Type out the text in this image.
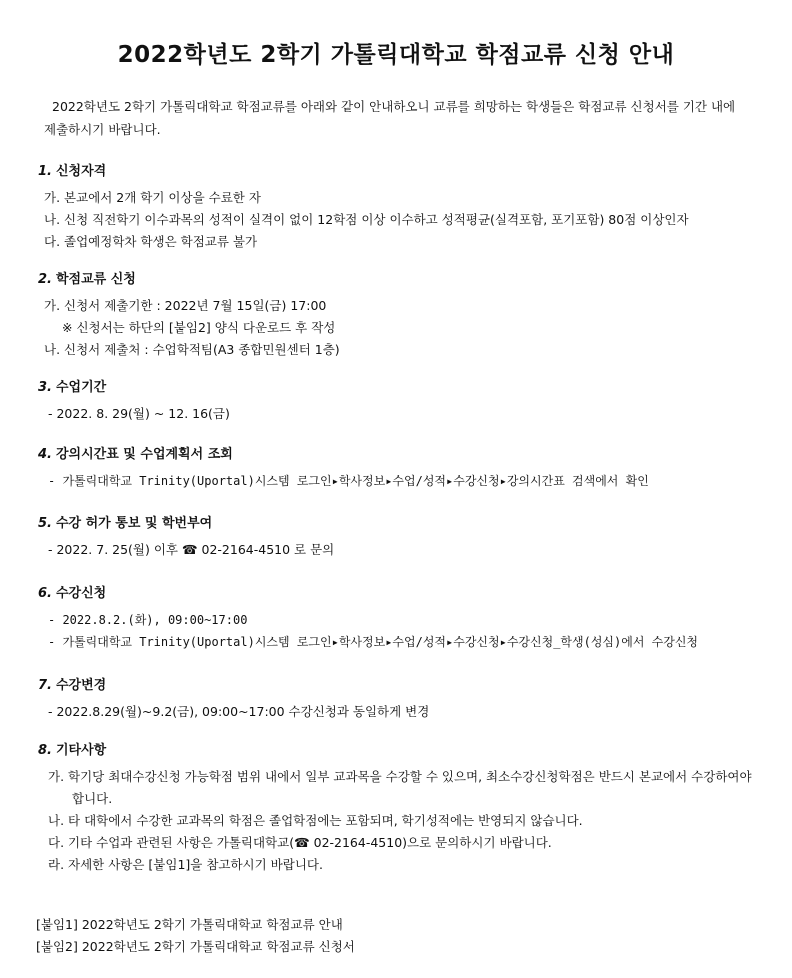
2022학년도 2학기 가톨릭대학교 학점교류 신청 안내
2022학년도 2학기 가톨릭대학교 학점교류를 아래와 같이 안내하오니 교류를 희망하는 학생들은 학점교류 신청서를 기간 내에 제출하시기 바랍니다.
1. 신청자격
가. 본교에서 2개 학기 이상을 수료한 자
나. 신청 직전학기 이수과목의 성적이 실격이 없이 12학점 이상 이수하고 성적평균(실격포함, 포기포함) 80점 이상인자
다. 졸업예정학차 학생은 학점교류 불가
2. 학점교류 신청
가. 신청서 제출기한 : 2022년 7월 15일(금) 17:00
※ 신청서는 하단의 [붙임2] 양식 다운로드 후 작성
나. 신청서 제출처 : 수업학적팀(A3 종합민원센터 1층)
3. 수업기간
- 2022. 8. 29(월) ~ 12. 16(금)
4. 강의시간표 및 수업계획서 조회
- 가톨릭대학교 Trinity(Uportal)시스템 로그인▸학사정보▸수업/성적▸수강신청▸강의시간표 검색에서 확인
5. 수강 허가 통보 및 학번부여
- 2022. 7. 25(월) 이후 ☎ 02-2164-4510 로 문의
6. 수강신청
- 2022.8.2.(화), 09:00~17:00
- 가톨릭대학교 Trinity(Uportal)시스템 로그인▸학사정보▸수업/성적▸수강신청▸수강신청_학생(성심)에서 수강신청
7. 수강변경
- 2022.8.29(월)~9.2(금), 09:00~17:00 수강신청과 동일하게 변경
8. 기타사항
가. 학기당 최대수강신청 가능학점 범위 내에서 일부 교과목을 수강할 수 있으며, 최소수강신청학점은 반드시 본교에서 수강하여야 합니다.
나. 타 대학에서 수강한 교과목의 학점은 졸업학점에는 포함되며, 학기성적에는 반영되지 않습니다.
다. 기타 수업과 관련된 사항은 가톨릭대학교(☎ 02-2164-4510)으로 문의하시기 바랍니다.
라. 자세한 사항은 [붙임1]을 참고하시기 바랍니다.
[붙임1] 2022학년도 2학기 가톨릭대학교 학점교류 안내
[붙임2] 2022학년도 2학기 가톨릭대학교 학점교류 신청서
